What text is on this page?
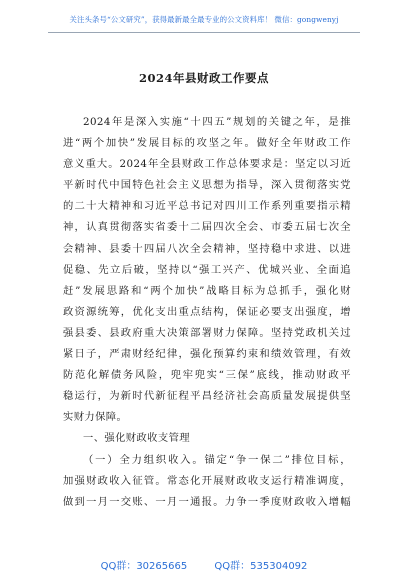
关注头条号“公文研究”，获得最新最全最专业的公文资料库！ 微信：gongwenyj
2024年县财政工作要点
2024年是深入实施“十四五”规划的关键之年，是推
进“两个加快”发展目标的攻坚之年。做好全年财政工作
意义重大。2024年全县财政工作总体要求是：坚定以习近
平新时代中国特色社会主义思想为指导，深入贯彻落实党
的二十大精神和习近平总书记对四川工作系列重要指示精
神，认真贯彻落实省委十二届四次全会、市委五届七次全
会精神、县委十四届八次全会精神，坚持稳中求进、以进
促稳、先立后破，坚持以“强工兴产、优城兴业、全面追
赶”发展思路和“两个加快”战略目标为总抓手，强化财
政资源统筹，优化支出重点结构，保证必要支出强度，增
强县委、县政府重大决策部署财力保障。坚持党政机关过
紧日子，严肃财经纪律，强化预算约束和绩效管理，有效
防范化解债务风险，兜牢兜实“三保”底线，推动财政平
稳运行，为新时代新征程平昌经济社会高质量发展提供坚
实财力保障。
一、强化财政收支管理
（一）全力组织收入。锚定“争一保二”排位目标，
加强财政收入征管。常态化开展财政收支运行精准调度，
做到一月一交账、一月一通报。力争一季度财政收入增幅
QQ群：30265665	QQ群：535304092
